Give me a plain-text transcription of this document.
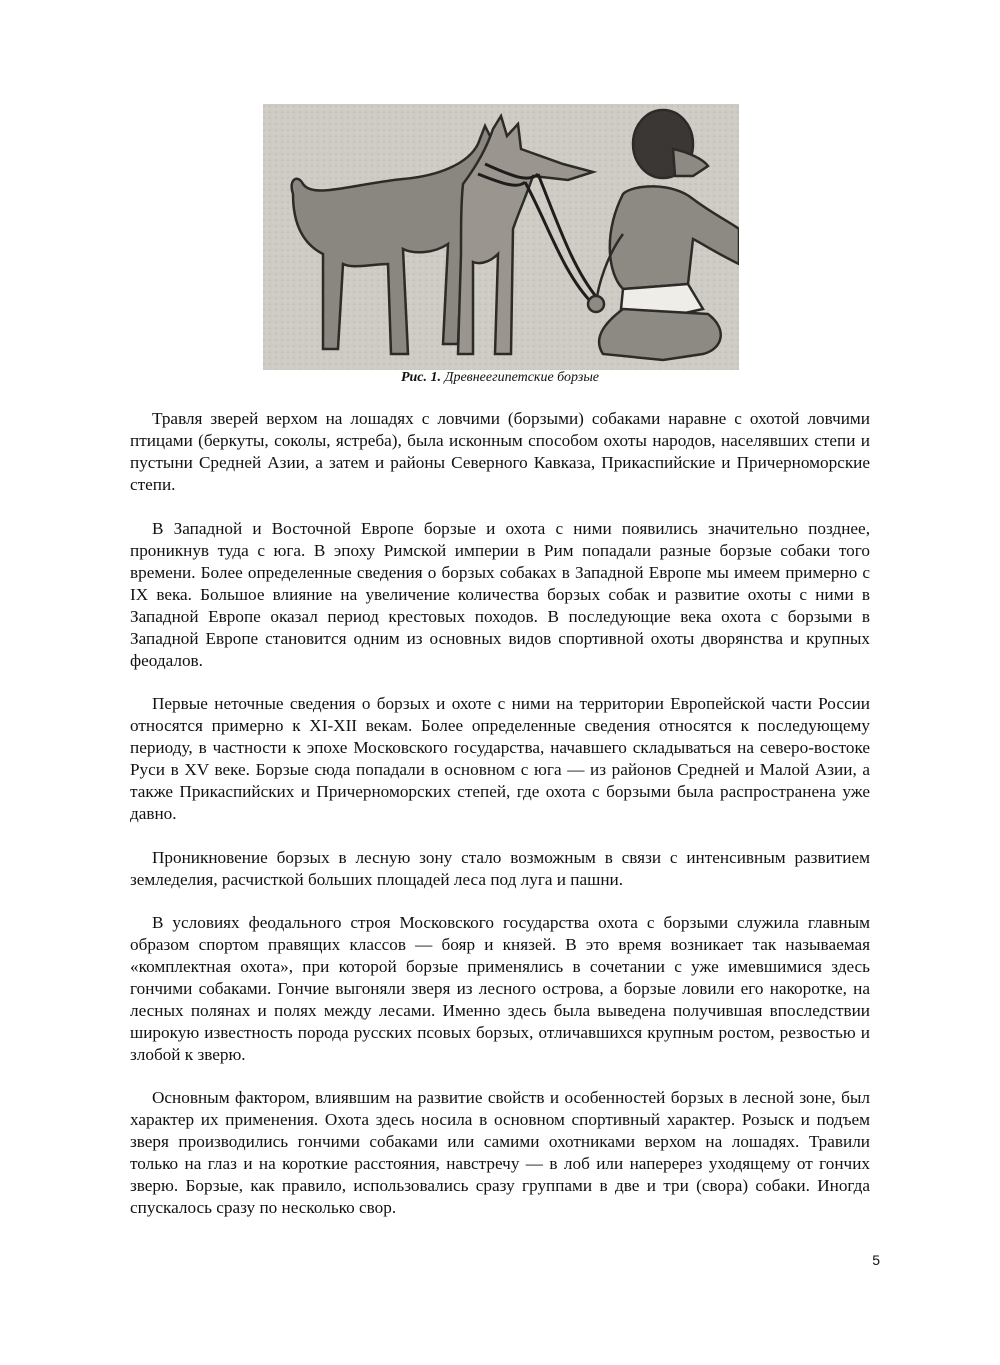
Рис. 1. Древнеегипетские борзые

Травля зверей верхом на лошадях с ловчими (борзыми) собаками наравне с охотой ловчими птицами (беркуты, соколы, ястреба), была исконным способом охоты народов, населявших степи и пустыни Средней Азии, а затем и районы Северного Кавказа, Прикаспийские и Причерноморские степи.

В Западной и Восточной Европе борзые и охота с ними появились значительно позднее, проникнув туда с юга. В эпоху Римской империи в Рим попадали разные борзые собаки того времени. Более определенные сведения о борзых собаках в Западной Европе мы имеем примерно с IX века. Большое влияние на увеличение количества борзых собак и развитие охоты с ними в Западной Европе оказал период крестовых походов. В последующие века охота с борзыми в Западной Европе становится одним из основных видов спортивной охоты дворянства и крупных феодалов.

Первые неточные сведения о борзых и охоте с ними на территории Европейской части России относятся примерно к XI-XII векам. Более определенные сведения относятся к последующему периоду, в частности к эпохе Московского государства, начавшего складываться на северо-востоке Руси в XV веке. Борзые сюда попадали в основном с юга — из районов Средней и Малой Азии, а также Прикаспийских и Причерноморских степей, где охота с борзыми была распространена уже давно.

Проникновение борзых в лесную зону стало возможным в связи с интенсивным развитием земледелия, расчисткой больших площадей леса под луга и пашни.

В условиях феодального строя Московского государства охота с борзыми служила главным образом спортом правящих классов — бояр и князей. В это время возникает так называемая «комплектная охота», при которой борзые применялись в сочетании с уже имевшимися здесь гончими собаками. Гончие выгоняли зверя из лесного острова, а борзые ловили его накоротке, на лесных полянах и полях между лесами. Именно здесь была выведена получившая впоследствии широкую известность порода русских псовых борзых, отличавшихся крупным ростом, резвостью и злобой к зверю.

Основным фактором, влиявшим на развитие свойств и особенностей борзых в лесной зоне, был характер их применения. Охота здесь носила в основном спортивный характер. Розыск и подъем зверя производились гончими собаками или самими охотниками верхом на лошадях. Травили только на глаз и на короткие расстояния, навстречу — в лоб или наперерез уходящему от гончих зверю. Борзые, как правило, использовались сразу группами в две и три (свора) собаки. Иногда спускалось сразу по несколько свор.

5
